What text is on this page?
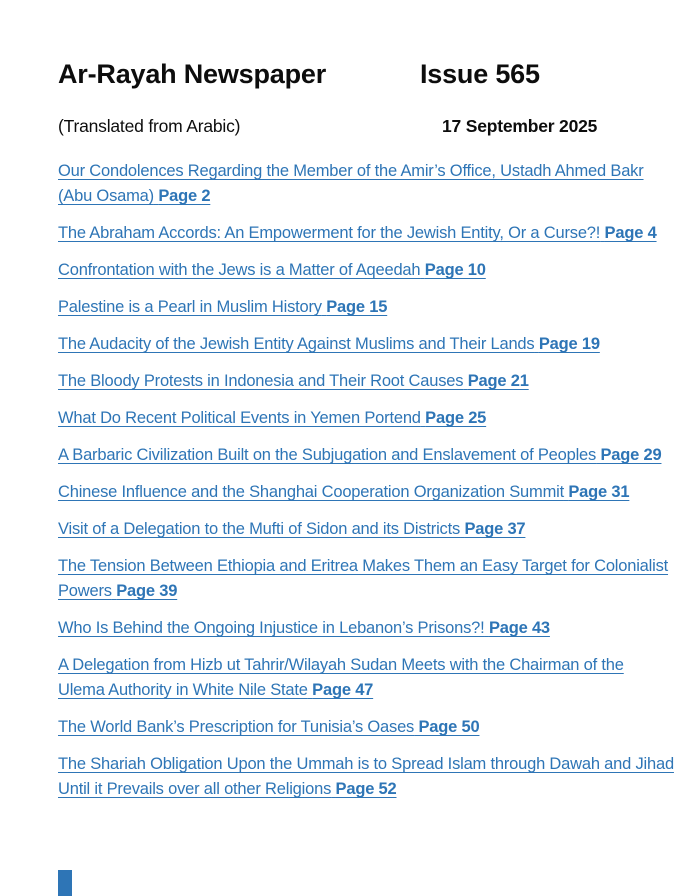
Ar-Rayah Newspaper	Issue 565
(Translated from Arabic)	17 September 2025
Our Condolences Regarding the Member of the Amir’s Office, Ustadh Ahmed Bakr
(Abu Osama) Page 2
The Abraham Accords: An Empowerment for the Jewish Entity, Or a Curse?! Page 4
Confrontation with the Jews is a Matter of Aqeedah Page 10
Palestine is a Pearl in Muslim History Page 15
The Audacity of the Jewish Entity Against Muslims and Their Lands Page 19
The Bloody Protests in Indonesia and Their Root Causes Page 21
What Do Recent Political Events in Yemen Portend Page 25
A Barbaric Civilization Built on the Subjugation and Enslavement of Peoples Page 29
Chinese Influence and the Shanghai Cooperation Organization Summit Page 31
Visit of a Delegation to the Mufti of Sidon and its Districts Page 37
The Tension Between Ethiopia and Eritrea Makes Them an Easy Target for Colonialist
Powers Page 39
Who Is Behind the Ongoing Injustice in Lebanon’s Prisons?! Page 43
A Delegation from Hizb ut Tahrir/Wilayah Sudan Meets with the Chairman of the
Ulema Authority in White Nile State Page 47
The World Bank’s Prescription for Tunisia’s Oases Page 50
The Shariah Obligation Upon the Ummah is to Spread Islam through Dawah and Jihad
Until it Prevails over all other Religions Page 52
